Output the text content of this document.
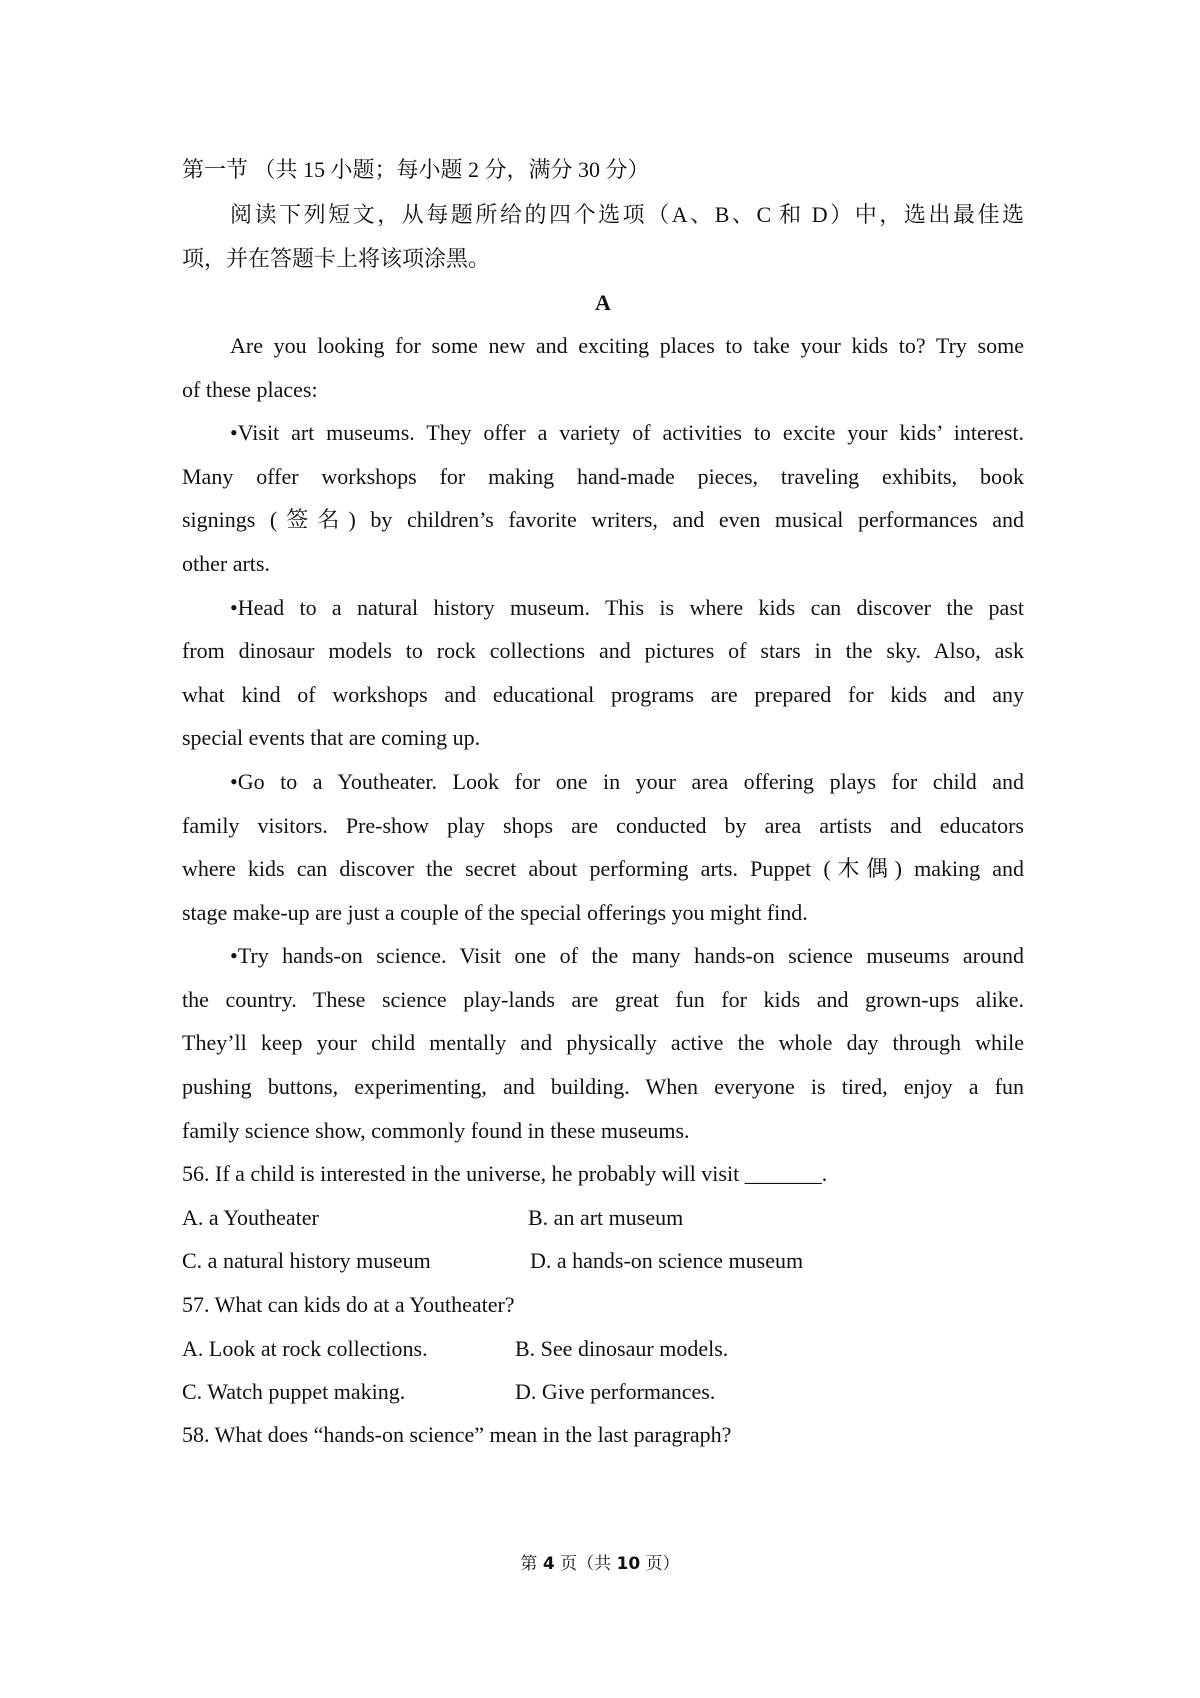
第一节 （共 15 小题；每小题 2 分，满分 30 分）
阅读下列短文，从每题所给的四个选项（A、B、C 和 D）中，选出最佳选
项，并在答题卡上将该项涂黑。
A
Are you looking for some new and exciting places to take your kids to? Try some
of these places:
•Visit art museums. They offer a variety of activities to excite your kids’ interest.
Many offer workshops for making hand-made pieces, traveling exhibits, book
signings (签名) by children’s favorite writers, and even musical performances and
other arts.
•Head to a natural history museum. This is where kids can discover the past
from dinosaur models to rock collections and pictures of stars in the sky. Also, ask
what kind of workshops and educational programs are prepared for kids and any
special events that are coming up.
•Go to a Youtheater. Look for one in your area offering plays for child and
family visitors. Pre-show play shops are conducted by area artists and educators
where kids can discover the secret about performing arts. Puppet (木偶) making and
stage make-up are just a couple of the special offerings you might find.
•Try hands-on science. Visit one of the many hands-on science museums around
the country. These science play-lands are great fun for kids and grown-ups alike.
They’ll keep your child mentally and physically active the whole day through while
pushing buttons, experimenting, and building. When everyone is tired, enjoy a fun
family science show, commonly found in these museums.
56. If a child is interested in the universe, he probably will visit _______.
A. a Youtheater	B. an art museum
C. a natural history museum	D. a hands-on science museum
57. What can kids do at a Youtheater?
A. Look at rock collections.	B. See dinosaur models.
C. Watch puppet making.	D. Give performances.
58. What does “hands-on science” mean in the last paragraph?
第 4 页（共 10 页）
